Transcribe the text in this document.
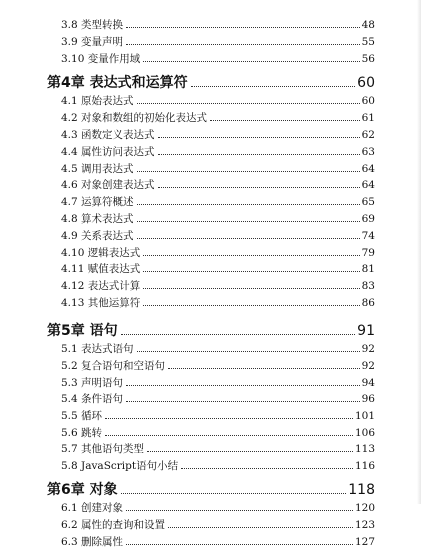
3.8 类型转换	48
3.9 变量声明	55
3.10 变量作用域	56
第4章 表达式和运算符	60
4.1 原始表达式	60
4.2 对象和数组的初始化表达式	61
4.3 函数定义表达式	62
4.4 属性访问表达式	63
4.5 调用表达式	64
4.6 对象创建表达式	64
4.7 运算符概述	65
4.8 算术表达式	69
4.9 关系表达式	74
4.10 逻辑表达式	79
4.11 赋值表达式	81
4.12 表达式计算	83
4.13 其他运算符	86
第5章 语句	91
5.1 表达式语句	92
5.2 复合语句和空语句	92
5.3 声明语句	94
5.4 条件语句	96
5.5 循环	101
5.6 跳转	106
5.7 其他语句类型	113
5.8 JavaScript语句小结	116
第6章 对象	118
6.1 创建对象	120
6.2 属性的查询和设置	123
6.3 删除属性	127
